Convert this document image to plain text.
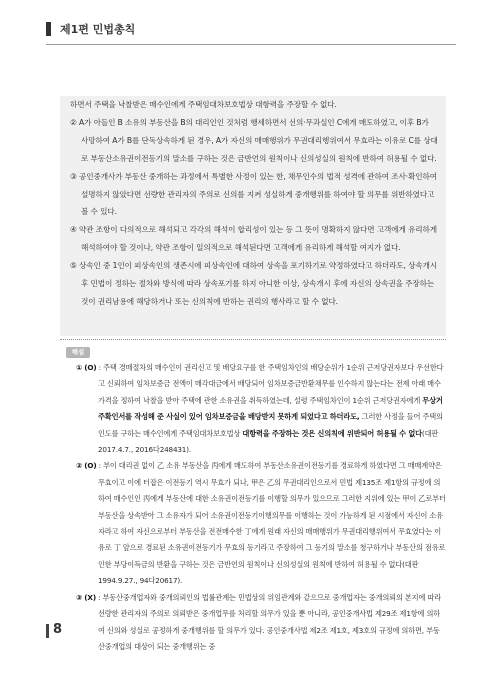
제1편 민법총칙

하면서 주택을 낙찰받은 매수인에게 주택임대차보호법상 대항력을 주장할 수 없다.

② A가 아들인 B 소유의 부동산을 B의 대리인인 것처럼 행세하면서 선의·무과실인 C에게 매도하였고, 이후 B가 사망하여 A가 B를 단독상속하게 된 경우, A가 자신의 매매행위가 무권대리행위여서 무효라는 이유로 C를 상대로 부동산소유권이전등기의 말소를 구하는 것은 금반언의 원칙이나 신의성실의 원칙에 반하여 허용될 수 없다.

③ 공인중개사가 부동산 중개하는 과정에서 특별한 사정이 있는 한, 채무인수의 법적 성격에 관하여 조사·확인하여 설명하지 않았다면 선량한 관리자의 주의로 신의를 지켜 성실하게 중개행위를 하여야 할 의무를 위반하였다고 볼 수 있다.

④ 약관 조항이 다의적으로 해석되고 각각의 해석이 합리성이 있는 등 그 뜻이 명확하지 않다면 고객에게 유리하게 해석하여야 할 것이나, 약관 조항이 일의적으로 해석된다면 고객에게 유리하게 해석할 여지가 없다.

⑤ 상속인 중 1인이 피상속인의 생존시에 피상속인에 대하여 상속을 포기하기로 약정하였다고 하더라도, 상속개시 후 민법이 정하는 절차와 방식에 따라 상속포기를 하지 아니한 이상, 상속개시 후에 자신의 상속권을 주장하는 것이 권리남용에 해당하거나 또는 신의칙에 반하는 권리의 행사라고 할 수 없다.

해설

① (O) : 주택 경매절차의 매수인이 권리신고 및 배당요구를 한 주택임차인의 배당순위가 1순위 근저당권자보다 우선한다고 신뢰하여 임차보증금 전액이 매각대금에서 배당되어 임차보증금반환채무를 인수하지 않는다는 전제 아래 매수가격을 정하여 낙찰을 받아 주택에 관한 소유권을 취득하였는데, 설령 주택임차인이 1순위 근저당권자에게 무상거주확인서를 작성해 준 사실이 있어 임차보증금을 배당받지 못하게 되었다고 하더라도, 그러한 사정을 들어 주택의 인도를 구하는 매수인에게 주택임대차보호법상 대항력을 주장하는 것은 신의칙에 위반되어 허용될 수 없다(대판 2017.4.7., 2016다248431).

② (O) : 부이 대리권 없이 乙 소유 부동산을 丙에게 매도하여 부동산소유권이전등기를 경료하게 하였다면 그 매매계약은 무효이고 이에 터잡은 이전등기 역시 무효가 되나, 甲은 乙의 무권대리인으로서 민법 제135조 제1항의 규정에 의하여 매수인인 丙에게 부동산에 대한 소유권이전등기를 이행할 의무가 있으므로 그러한 지위에 있는 甲이 乙로부터 부동산을 상속받아 그 소유자가 되어 소유권이전등기이행의무를 이행하는 것이 가능하게 된 시점에서 자신이 소유자라고 하여 자신으로부터 부동산을 전전매수한 丁에게 원래 자신의 매매행위가 무권대리행위여서 무효였다는 이유로 丁 앞으로 경료된 소유권이전등기가 무효의 등기라고 주장하여 그 등기의 말소를 청구하거나 부동산의 점유로 인한 부당이득금의 반환을 구하는 것은 금반언의 원칙이나 신의성실의 원칙에 반하여 허용될 수 없다(대판 1994.9.27., 94다20617).

③ (X) : 부동산중개업자와 중개의뢰인의 법률관계는 민법상의 위임관계와 같으므로 중개업자는 중개의뢰의 본지에 따라 선량한 관리자의 주의로 의뢰받은 중개업무를 처리할 의무가 있을 뿐 아니라, 공인중개사법 제29조 제1항에 의하여 신의와 성실로 공정하게 중개행위를 할 의무가 있다. 공인중개사법 제2조 제1호, 제3호의 규정에 의하면, 부동산중개업의 대상이 되는 중개행위는 중

8
